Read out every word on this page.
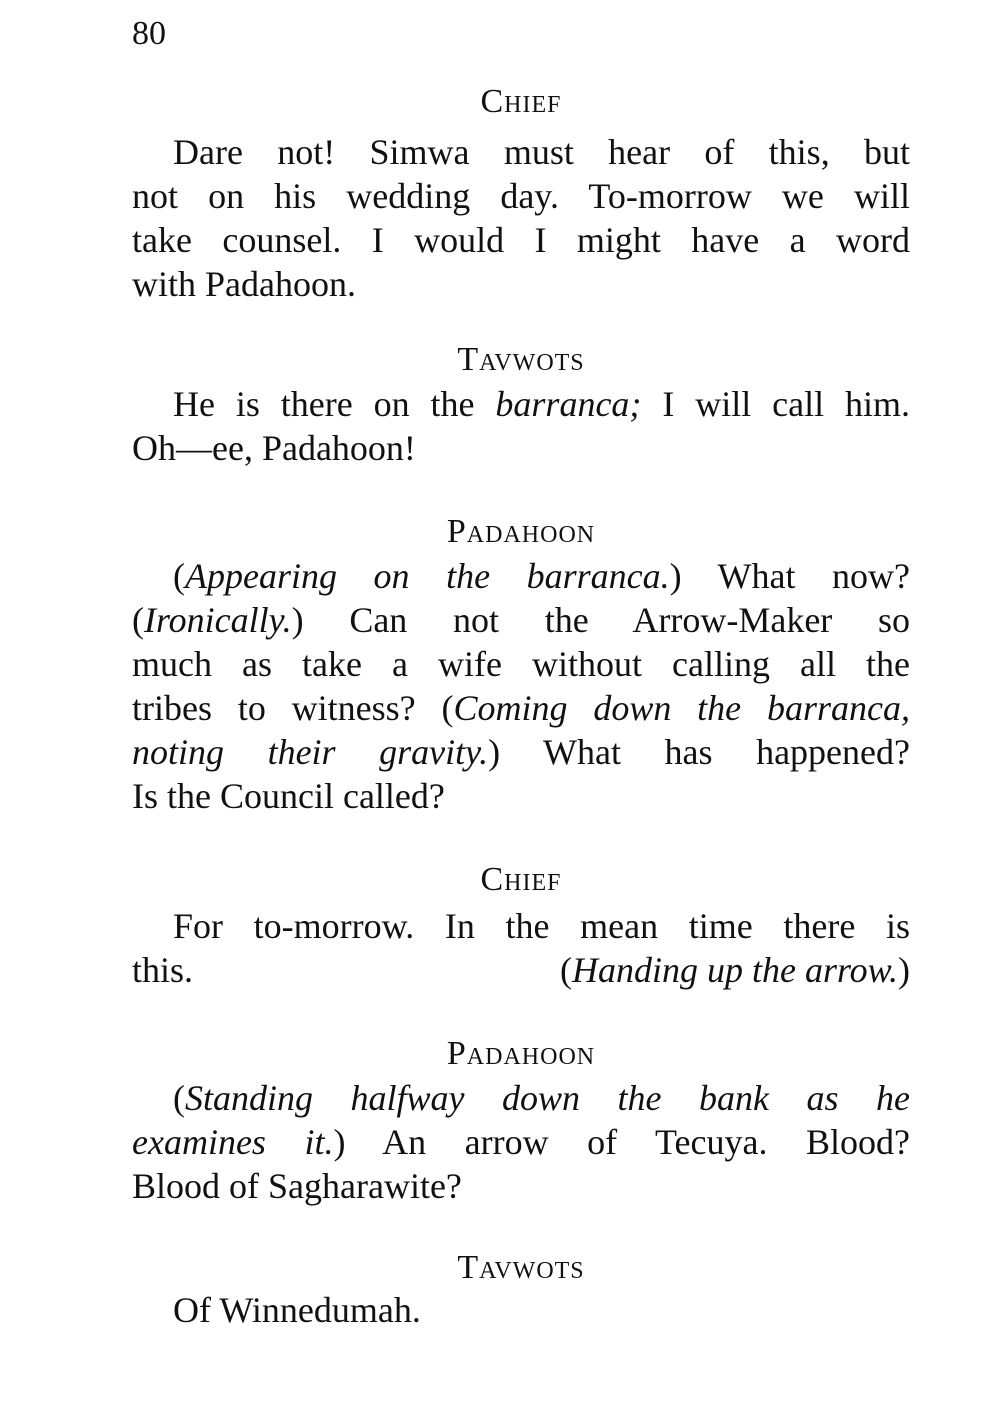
80
Chief
Dare not! Simwa must hear of this, but
not on his wedding day. To-morrow we will
take counsel. I would I might have a word
with Padahoon.
Tavwots
He is there on the barranca; I will call him.
Oh—ee, Padahoon!
Padahoon
(Appearing on the barranca.) What now?
(Ironically.) Can not the Arrow-Maker so
much as take a wife without calling all the
tribes to witness? (Coming down the barranca,
noting their gravity.) What has happened?
Is the Council called?
Chief
For to-morrow. In the mean time there is
this.	(Handing up the arrow.)
Padahoon
(Standing halfway down the bank as he
examines it.) An arrow of Tecuya. Blood?
Blood of Sagharawite?
Tavwots
Of Winnedumah.
